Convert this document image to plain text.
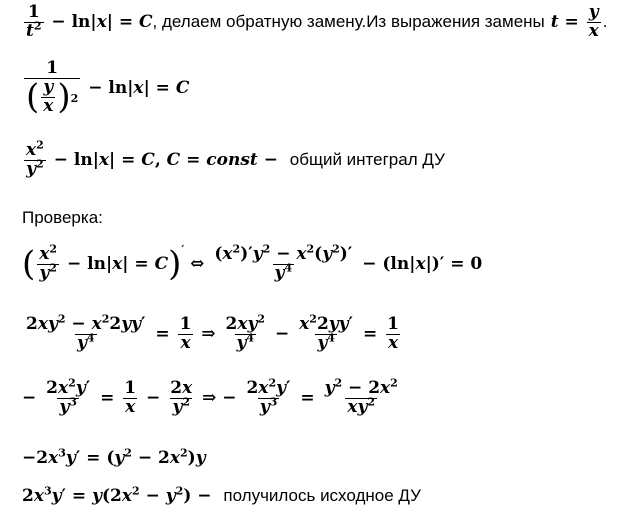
$\frac{1}{t^2} - \ln|x| = C$ , делаем обратную замену.Из выражения замены $t = \frac{y}{x}$ .
$\frac{1}{( \frac{y}{x} )^2} - \ln|x| = C$
$\frac{x^2}{y^2} - \ln|x| = C$, C = const − общий интеграл ДУ
Проверка:
( $\frac{x^2}{y^2} - \ln|x| = C$ )′
⇔ $\frac{(x^2)'y^2 - x^2(y^2)'}{y^4} - (\ln|x|)' = 0$
$\frac{2xy^2 - x^22yy'}{y^4} = \frac{1}{x}$ ⇒ $\frac{2xy^2}{y^4} - \frac{x^22yy'}{y^4} = \frac{1}{x}$
− $\frac{2x^2y'}{y^3} = \frac{1}{x} - \frac{2x}{y^2}$ ⇒ − $\frac{2x^2y'}{y^3} = \frac{y^2 - 2x^2}{xy^2}$
$-2x^3y' = (y^2 - 2x^2)y$
$2x^3y' = y(2x^2 - y^2)$ − получилось исходное ДУ
